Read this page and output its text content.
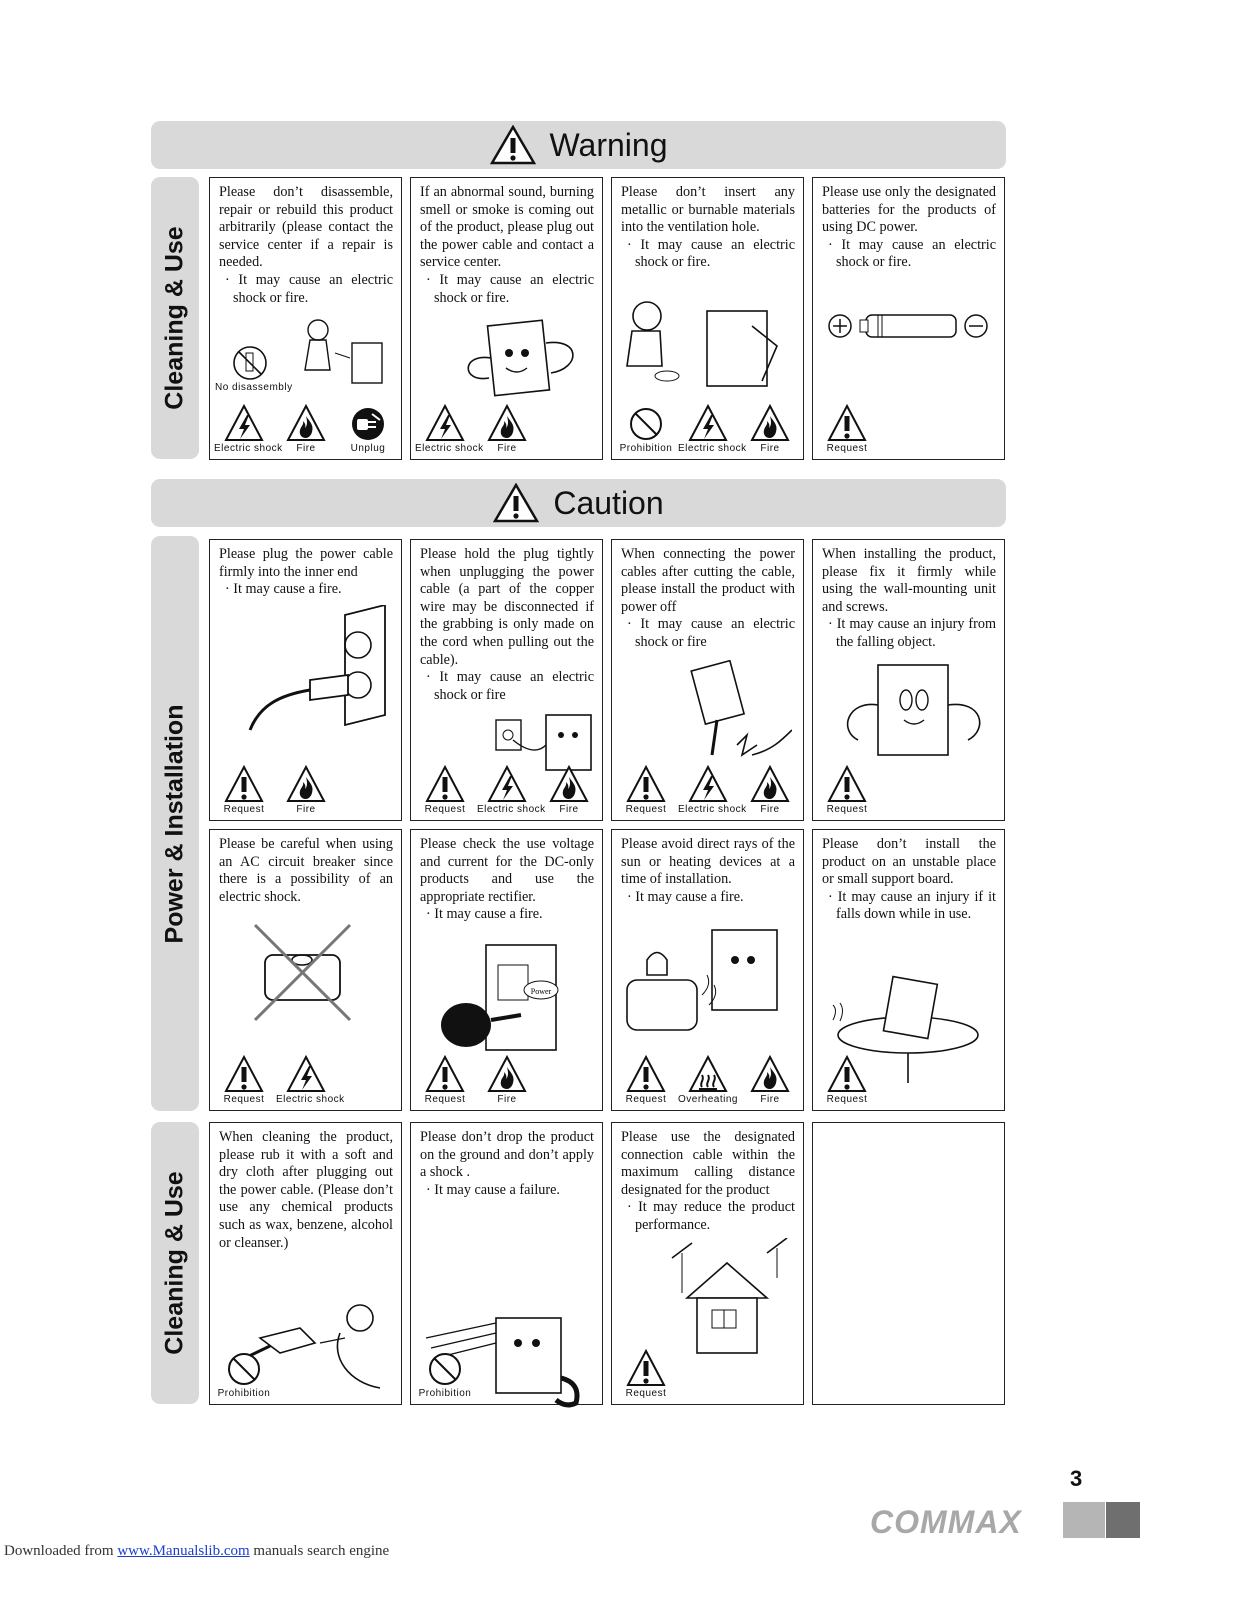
Warning
Caution
Cleaning & Use
Power & Installation
Cleaning & Use

Please don’t disassemble, repair or rebuild this product arbitrarily (please contact the service center if a repair is needed.

· It may cause an electric shock or fire.

No disassembly
Electric shock	Fire	Unplug

If an abnormal sound, burning smell or smoke is coming out of the product, please plug out the power cable and contact a service center.

· It may cause an electric shock or fire.

Electric shock	Fire

Please don’t insert any metallic or burnable materials into the ventilation hole.

· It may cause an electric shock or fire.

Prohibition Electric shock	Fire

Please use only the designated batteries for the products of using DC power.

· It may cause an electric shock or fire.

Request

Please plug the power cable firmly into the inner end

· It may cause a fire.

Request	Fire

Please hold the plug tightly when unplugging the power cable (a part of the copper wire may be disconnected if the grabbing is only made on the cord when pulling out the cable).

· It may cause an electric shock or fire

Request	Electric shock	Fire

When connecting the power cables after cutting the cable, please install the product with power off

· It may cause an electric shock or fire

Request	Electric shock	Fire

When installing the product, please fix it firmly while using the wall-mounting unit and screws.

· It may cause an injury from the falling object.

Request

Please be careful when using an AC circuit breaker since there is a possibility of an electric shock.

Request	Electric shock

Please check the use voltage and current for the DC-only products and use the appropriate rectifier.

· It may cause a fire.

Power
Request	Fire

Please avoid direct rays of the sun or heating devices at a time of installation.

· It may cause a fire.

Request	Overheating	Fire

Please don’t install the product on an unstable place or small support board.

· It may cause an injury if it falls down while in use.

Request

When cleaning the product, please rub it with a soft and dry cloth after plugging out the power cable. (Please don’t use any chemical products such as wax, benzene, alcohol or cleanser.)

Prohibition

Please don’t drop the product on the ground and don’t apply a shock .

· It may cause a failure.

Prohibition

Please use the designated connection cable within the maximum calling distance designated for the product

· It may reduce the product performance.

Request
3
COMMAX
Downloaded from www.Manualslib.com manuals search engine
